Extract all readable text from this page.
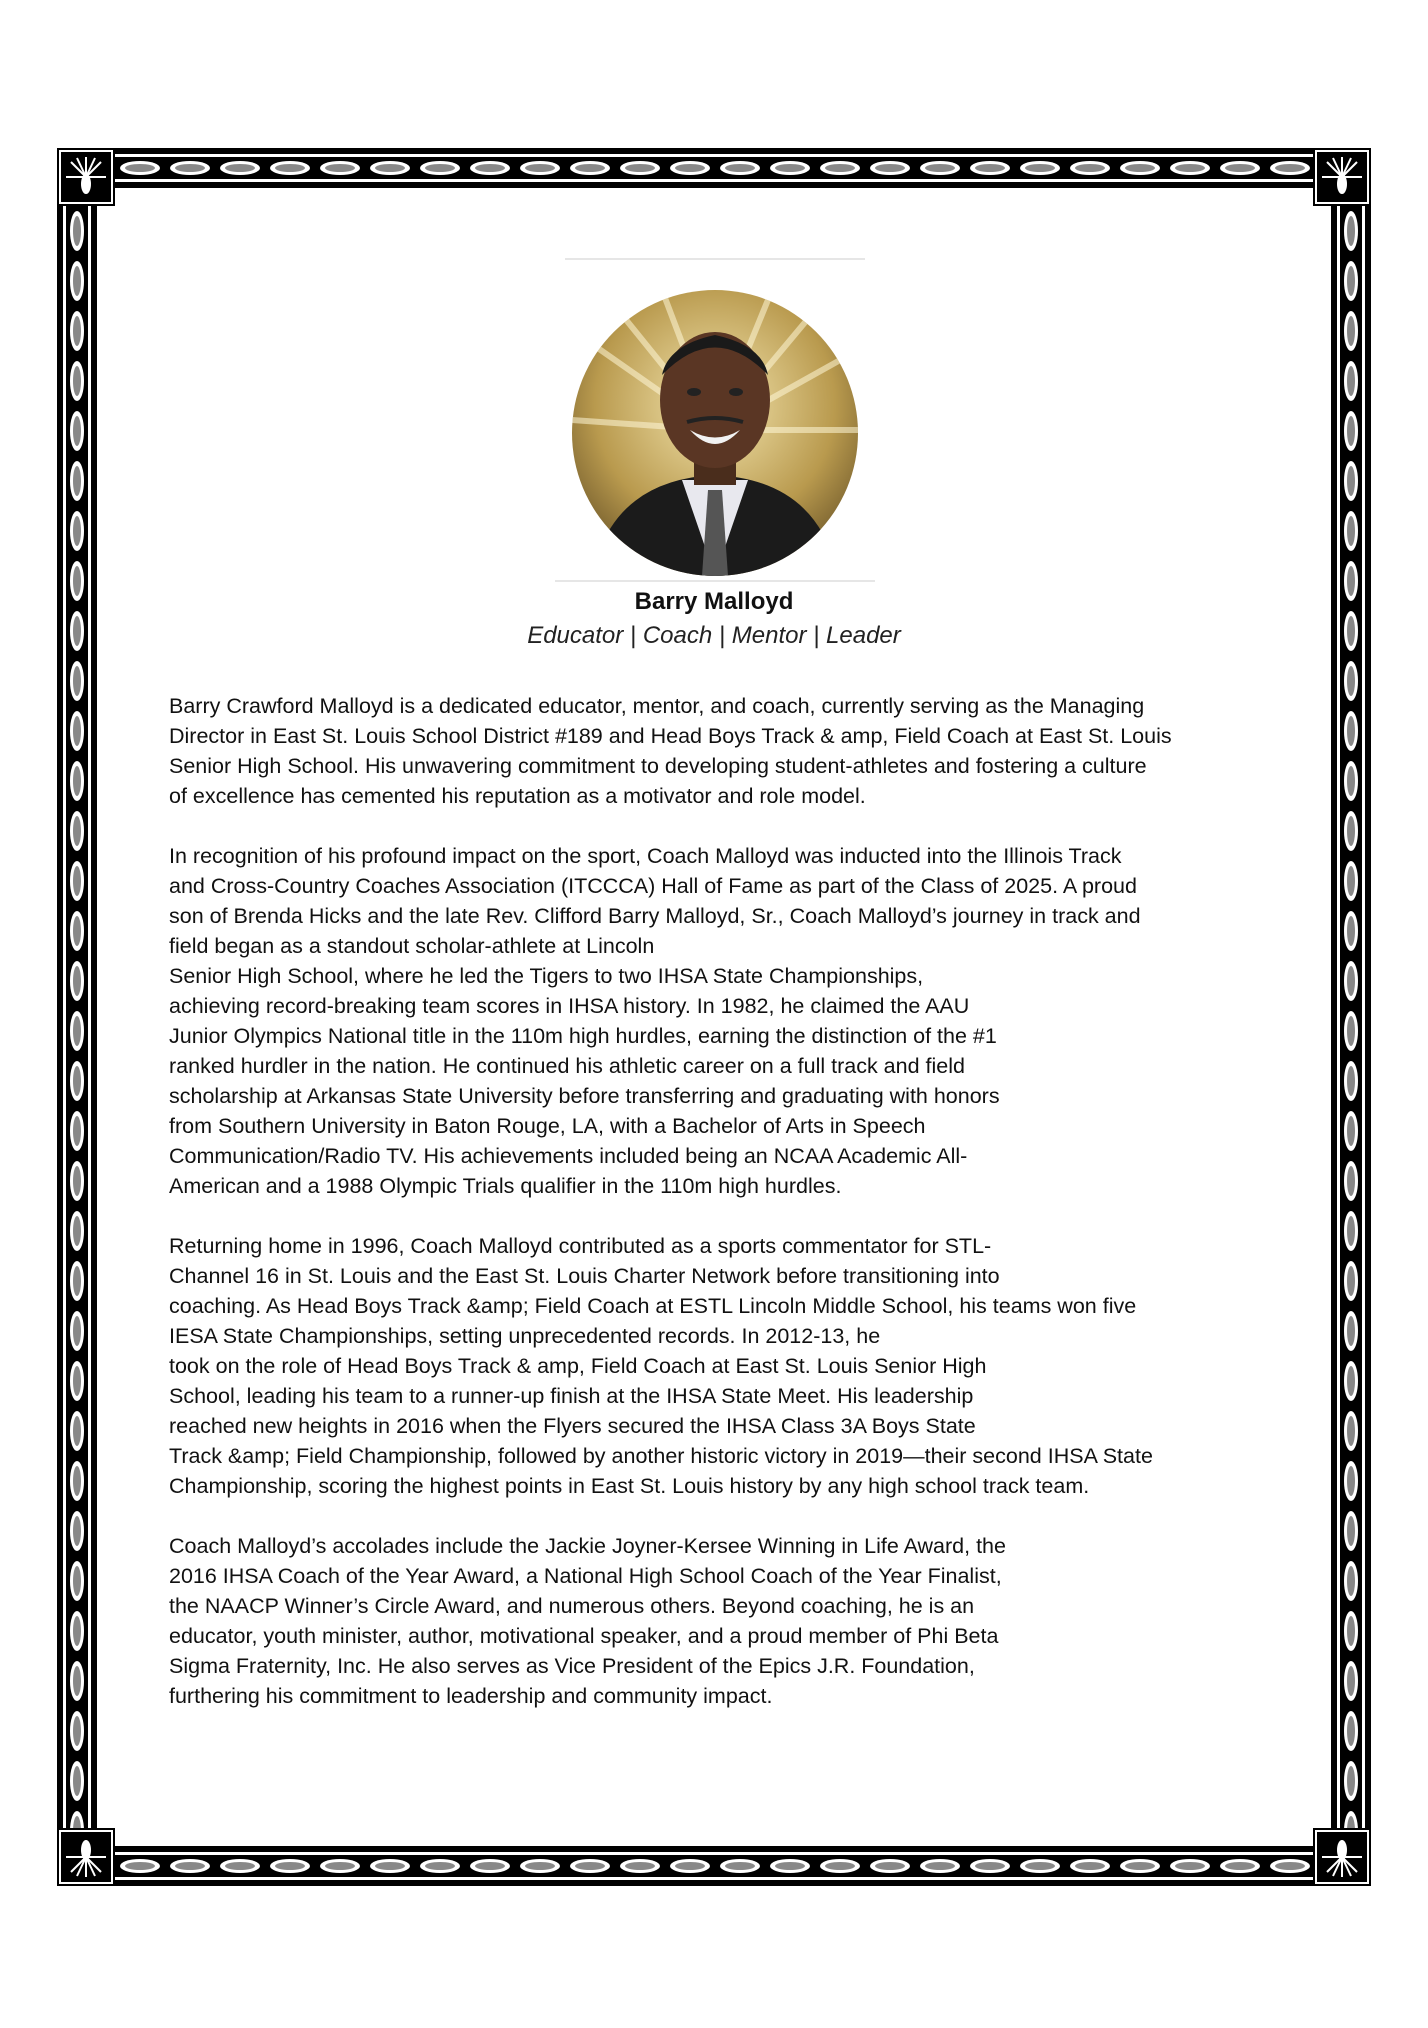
Barry Malloyd
Educator | Coach | Mentor | Leader

Barry Crawford Malloyd is a dedicated educator, mentor, and coach, currently serving as the Managing
Director in East St. Louis School District #189 and Head Boys Track & amp, Field Coach at East St. Louis
Senior High School. His unwavering commitment to developing student-athletes and fostering a culture
of excellence has cemented his reputation as a motivator and role model.

In recognition of his profound impact on the sport, Coach Malloyd was inducted into the Illinois Track
and Cross-Country Coaches Association (ITCCCA) Hall of Fame as part of the Class of 2025. A proud
son of Brenda Hicks and the late Rev. Clifford Barry Malloyd, Sr., Coach Malloyd’s journey in track and
field began as a standout scholar-athlete at Lincoln
Senior High School, where he led the Tigers to two IHSA State Championships,
achieving record-breaking team scores in IHSA history. In 1982, he claimed the AAU
Junior Olympics National title in the 110m high hurdles, earning the distinction of the #1
ranked hurdler in the nation. He continued his athletic career on a full track and field
scholarship at Arkansas State University before transferring and graduating with honors
from Southern University in Baton Rouge, LA, with a Bachelor of Arts in Speech
Communication/Radio TV. His achievements included being an NCAA Academic All-
American and a 1988 Olympic Trials qualifier in the 110m high hurdles.

Returning home in 1996, Coach Malloyd contributed as a sports commentator for STL-
Channel 16 in St. Louis and the East St. Louis Charter Network before transitioning into
coaching. As Head Boys Track &amp; Field Coach at ESTL Lincoln Middle School, his teams won five
IESA State Championships, setting unprecedented records. In 2012-13, he
took on the role of Head Boys Track & amp, Field Coach at East St. Louis Senior High
School, leading his team to a runner-up finish at the IHSA State Meet. His leadership
reached new heights in 2016 when the Flyers secured the IHSA Class 3A Boys State
Track &amp; Field Championship, followed by another historic victory in 2019—their second IHSA State
Championship, scoring the highest points in East St. Louis history by any high school track team.

Coach Malloyd’s accolades include the Jackie Joyner-Kersee Winning in Life Award, the
2016 IHSA Coach of the Year Award, a National High School Coach of the Year Finalist,
the NAACP Winner’s Circle Award, and numerous others. Beyond coaching, he is an
educator, youth minister, author, motivational speaker, and a proud member of Phi Beta
Sigma Fraternity, Inc. He also serves as Vice President of the Epics J.R. Foundation,
furthering his commitment to leadership and community impact.
